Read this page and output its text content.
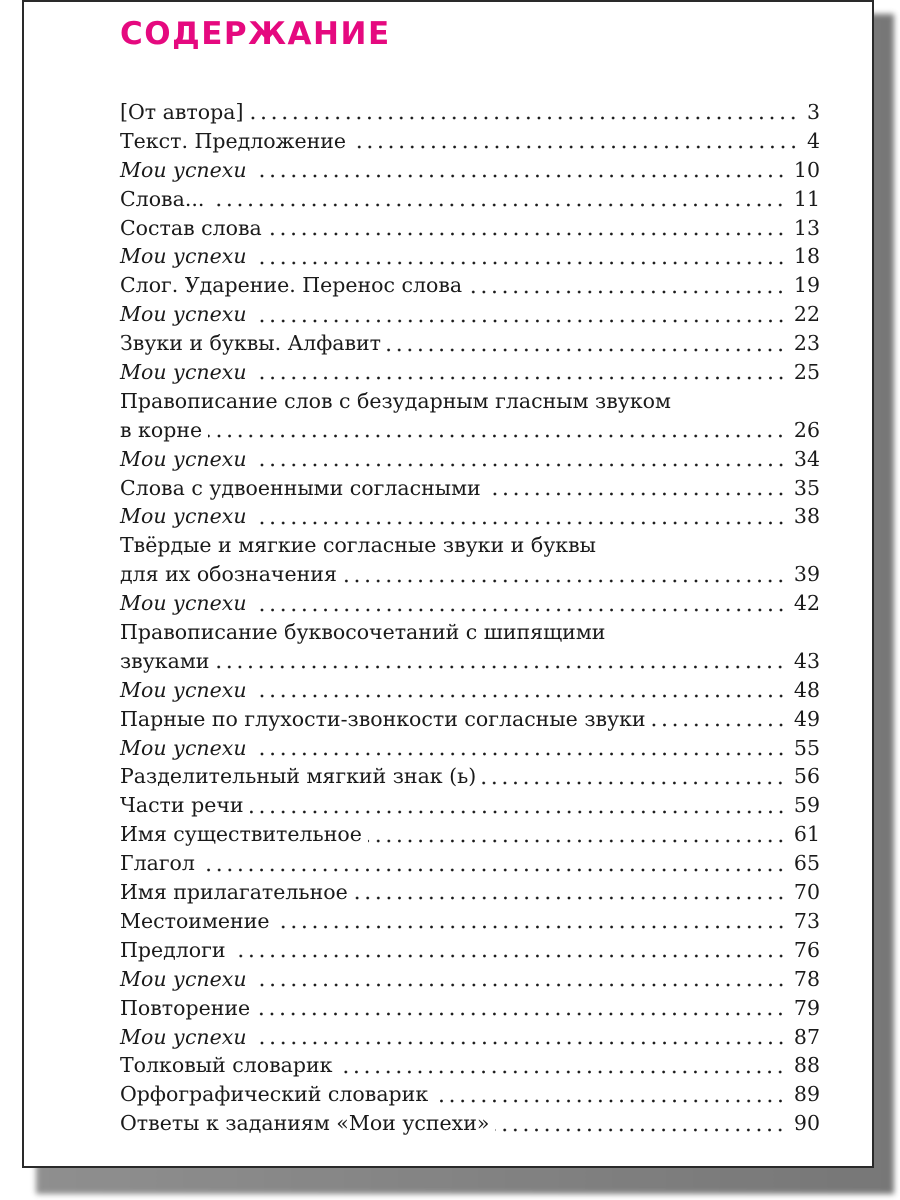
СОДЕРЖАНИЕ
[От автора]	3
Текст. Предложение	4
Мои успехи	10
Слова...	11
Состав слова	13
Мои успехи	18
Слог. Ударение. Перенос слова	19
Мои успехи	22
Звуки и буквы. Алфавит	23
Мои успехи	25
Правописание слов с безударным гласным звуком
в корне	26
Мои успехи	34
Слова с удвоенными согласными	35
Мои успехи	38
Твёрдые и мягкие согласные звуки и буквы
для их обозначения	39
Мои успехи	42
Правописание буквосочетаний с шипящими
звуками	43
Мои успехи	48
Парные по глухости-звонкости согласные звуки	49
Мои успехи	55
Разделительный мягкий знак (ь)	56
Части речи	59
Имя существительное	61
Глагол	65
Имя прилагательное	70
Местоимение	73
Предлоги	76
Мои успехи	78
Повторение	79
Мои успехи	87
Толковый словарик	88
Орфографический словарик	89
Ответы к заданиям «Мои успехи»	90
